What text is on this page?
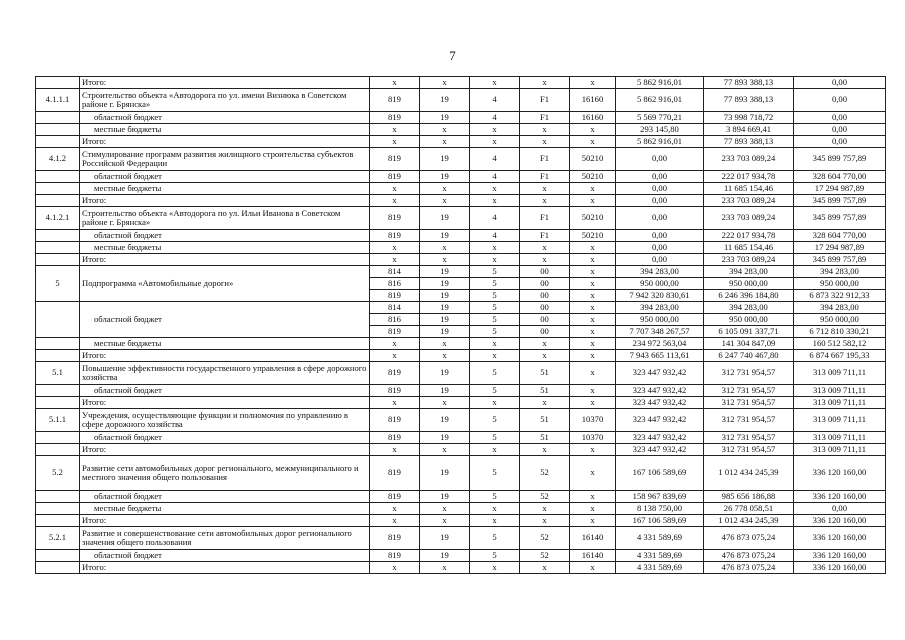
7
	Итого:	x	x	x	x	x	5 862 916,01	77 893 388,13	0,00
4.1.1.1	Строительство объекта «Автодорога по ул. имени Визнюка в Советском районе г. Брянска»	819	19	4	F1	16160	5 862 916,01	77 893 388,13	0,00
	областной бюджет	819	19	4	F1	16160	5 569 770,21	73 998 718,72	0,00
	местные бюджеты	x	x	x	x	x	293 145,80	3 894 669,41	0,00
	Итого:	x	x	x	x	x	5 862 916,01	77 893 388,13	0,00
4.1.2	Стимулирование программ развития жилищного строительства субъектов Российской Федерации	819	19	4	F1	50210	0,00	233 703 089,24	345 899 757,89
	областной бюджет	819	19	4	F1	50210	0,00	222 017 934,78	328 604 770,00
	местные бюджеты	x	x	x	x	x	0,00	11 685 154,46	17 294 987,89
	Итого:	x	x	x	x	x	0,00	233 703 089,24	345 899 757,89
4.1.2.1	Строительство объекта «Автодорога по ул. Ильи Иванова в Советском районе г. Брянска»	819	19	4	F1	50210	0,00	233 703 089,24	345 899 757,89
	областной бюджет	819	19	4	F1	50210	0,00	222 017 934,78	328 604 770,00
	местные бюджеты	x	x	x	x	x	0,00	11 685 154,46	17 294 987,89
	Итого:	x	x	x	x	x	0,00	233 703 089,24	345 899 757,89
5	Подпрограмма «Автомобильные дороги»	814	19	5	00	x	394 283,00	394 283,00	394 283,00
		816	19	5	00	x	950 000,00	950 000,00	950 000,00
		819	19	5	00	x	7 942 320 830,61	6 246 396 184,80	6 873 322 912,33
	областной бюджет	814	19	5	00	x	394 283,00	394 283,00	394 283,00
		816	19	5	00	x	950 000,00	950 000,00	950 000,00
		819	19	5	00	x	7 707 348 267,57	6 105 091 337,71	6 712 810 330,21
	местные бюджеты	x	x	x	x	x	234 972 563,04	141 304 847,09	160 512 582,12
	Итого:	x	x	x	x	x	7 943 665 113,61	6 247 740 467,80	6 874 667 195,33
5.1	Повышение эффективности государственного управления в сфере дорожного хозяйства	819	19	5	51	x	323 447 932,42	312 731 954,57	313 009 711,11
	областной бюджет	819	19	5	51	x	323 447 932,42	312 731 954,57	313 009 711,11
	Итого:	x	x	x	x	x	323 447 932,42	312 731 954,57	313 009 711,11
5.1.1	Учреждения, осуществляющие функции и полномочия по управлению в сфере дорожного хозяйства	819	19	5	51	10370	323 447 932,42	312 731 954,57	313 009 711,11
	областной бюджет	819	19	5	51	10370	323 447 932,42	312 731 954,57	313 009 711,11
	Итого:	x	x	x	x	x	323 447 932,42	312 731 954,57	313 009 711,11
5.2	Развитие сети автомобильных дорог регионального, межмуниципального и местного значения общего пользования	819	19	5	52	x	167 106 589,69	1 012 434 245,39	336 120 160,00
	областной бюджет	819	19	5	52	x	158 967 839,69	985 656 186,88	336 120 160,00
	местные бюджеты	x	x	x	x	x	8 138 750,00	26 778 058,51	0,00
	Итого:	x	x	x	x	x	167 106 589,69	1 012 434 245,39	336 120 160,00
5.2.1	Развитие и совершенствование сети автомобильных дорог регионального значения общего пользования	819	19	5	52	16140	4 331 589,69	476 873 075,24	336 120 160,00
	областной бюджет	819	19	5	52	16140	4 331 589,69	476 873 075,24	336 120 160,00
	Итого:	x	x	x	x	x	4 331 589,69	476 873 075,24	336 120 160,00
